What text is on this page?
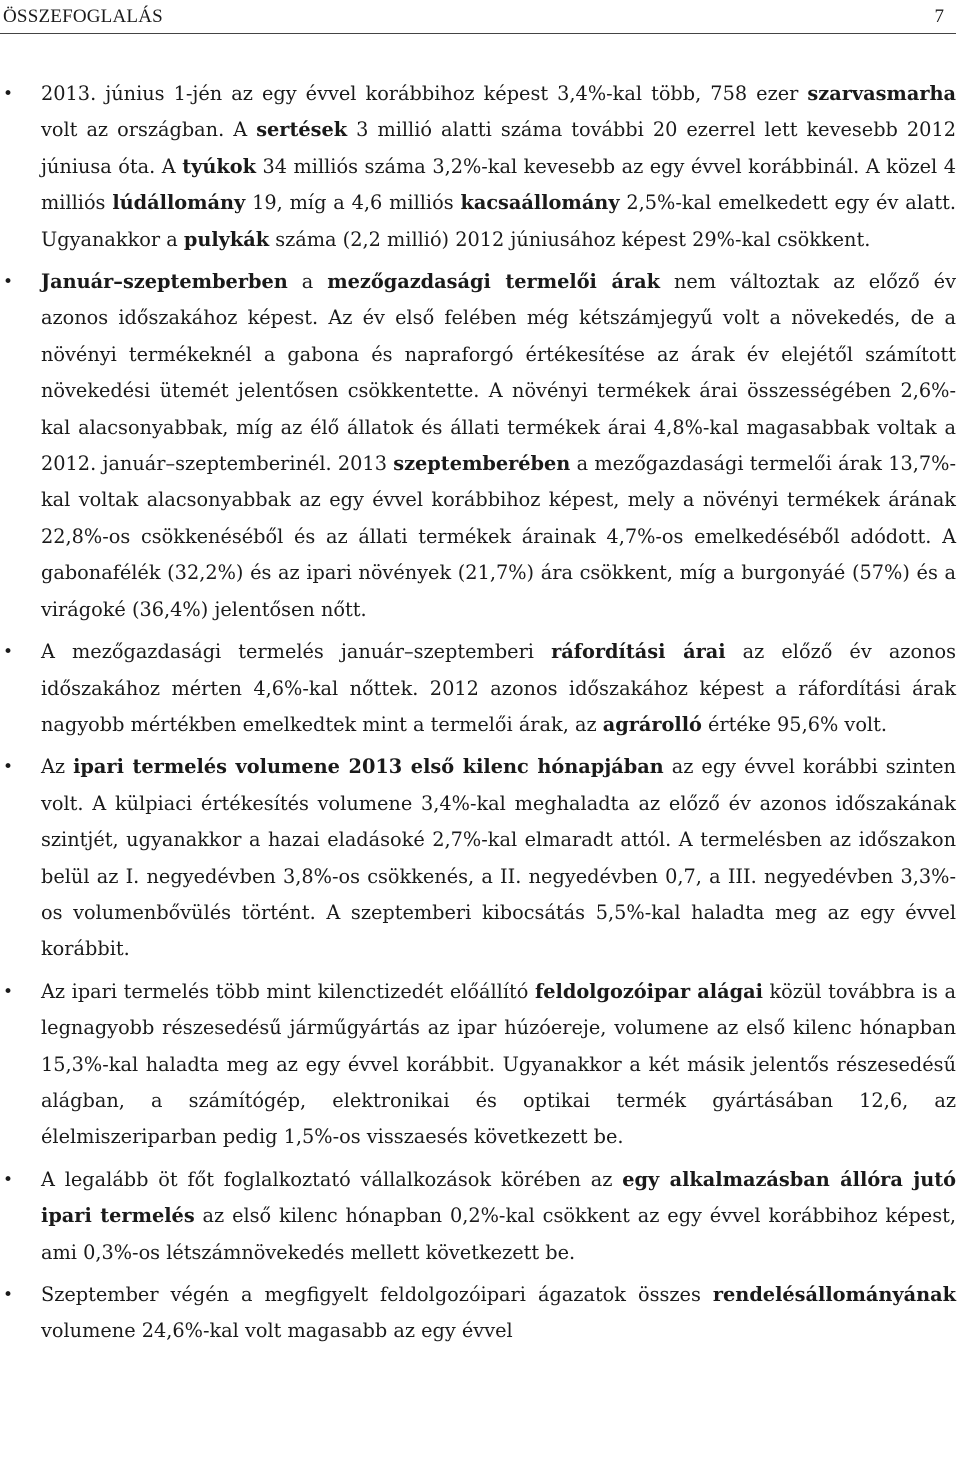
ÖSSZEFOGLALÁS	7
• 2013. június 1-jén az egy évvel korábbihoz képest 3,4%-kal több, 758 ezer szarvasmarha volt az országban. A sertések 3 millió alatti száma további 20 ezerrel lett kevesebb 2012 júniusa óta. A tyúkok 34 milliós száma 3,2%-kal kevesebb az egy évvel korábbinál. A közel 4 milliós lúdállomány 19, míg a 4,6 milliós kacsaállomány 2,5%-kal emelkedett egy év alatt. Ugyanakkor a pulykák száma (2,2 millió) 2012 júniusához képest 29%-kal csökkent.
• Január–szeptemberben a mezőgazdasági termelői árak nem változtak az előző év azonos időszakához képest. Az év első felében még kétszámjegyű volt a növekedés, de a növényi termékeknél a gabona és napraforgó értékesítése az árak év elejétől számított növekedési ütemét jelentősen csökkentette. A növényi termékek árai összességében 2,6%-kal alacsonyabbak, míg az élő állatok és állati termékek árai 4,8%-kal magasabbak voltak a 2012. január–szeptemberinél. 2013 szeptemberében a mezőgazdasági termelői árak 13,7%-kal voltak alacsonyabbak az egy évvel korábbihoz képest, mely a növényi termékek árának 22,8%-os csökkenéséből és az állati termékek árainak 4,7%-os emelkedéséből adódott. A gabonafélék (32,2%) és az ipari növények (21,7%) ára csökkent, míg a burgonyáé (57%) és a virágoké (36,4%) jelentősen nőtt.
• A mezőgazdasági termelés január–szeptemberi ráfordítási árai az előző év azonos időszakához mérten 4,6%-kal nőttek. 2012 azonos időszakához képest a ráfordítási árak nagyobb mértékben emelkedtek mint a termelői árak, az agrárolló értéke 95,6% volt.
• Az ipari termelés volumene 2013 első kilenc hónapjában az egy évvel korábbi szinten volt. A külpiaci értékesítés volumene 3,4%-kal meghaladta az előző év azonos időszakának szintjét, ugyanakkor a hazai eladásoké 2,7%-kal elmaradt attól. A termelésben az időszakon belül az I. negyedévben 3,8%-os csökkenés, a II. negyedévben 0,7, a III. negyedévben 3,3%-os volumenbővülés történt. A szeptemberi kibocsátás 5,5%-kal haladta meg az egy évvel korábbit.
• Az ipari termelés több mint kilenctizedét előállító feldolgozóipar alágai közül továbbra is a legnagyobb részesedésű járműgyártás az ipar húzóereje, volumene az első kilenc hónapban 15,3%-kal haladta meg az egy évvel korábbit. Ugyanakkor a két másik jelentős részesedésű alágban, a számítógép, elektronikai és optikai termék gyártásában 12,6, az élelmiszeriparban pedig 1,5%-os visszaesés következett be.
• A legalább öt főt foglalkoztató vállalkozások körében az egy alkalmazásban állóra jutó ipari termelés az első kilenc hónapban 0,2%-kal csökkent az egy évvel korábbihoz képest, ami 0,3%-os létszámnövekedés mellett következett be.
• Szeptember végén a megfigyelt feldolgozóipari ágazatok összes rendelésállományának volumene 24,6%-kal volt magasabb az egy évvel
